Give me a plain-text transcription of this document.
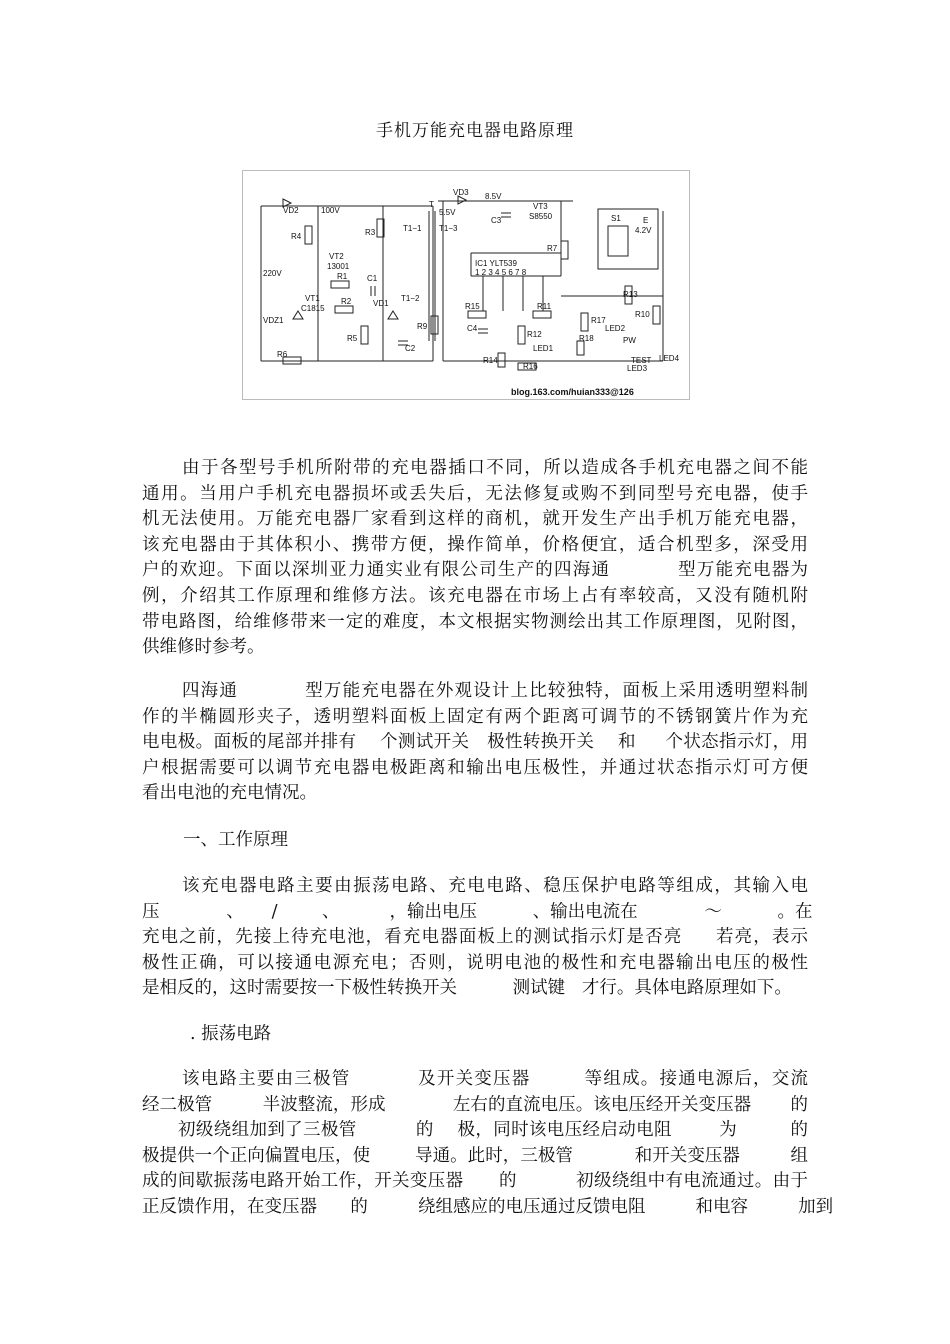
手机万能充电器电路原理
VD2	100V
R4	R3
VT2
13001
220V	R1 C1
VT1
C1815
R2	VD1
VDZ1
R5
C2
R6
T
T1−1 T1−3
T1−2
5.5V
VD3 8.5V
C3
VT3
S8550	S1	E
4.2V
R7
IC1 YLT539
1 2 3 4 5 6 7 8
R9
R15
C4
R11
R12
R17
LED2
R13
R10
LED1
R18	PW
R14
R16
TEST
LED3
LED4
blog.163.com/huian333@126
由于各型号手机所附带的充电器插口不同，所以造成各手机充电器之间不能
通用。当用户手机充电器损坏或丢失后，无法修复或购不到同型号充电器，使手
机无法使用。万能充电器厂家看到这样的商机，就开发生产出手机万能充电器，
该充电器由于其体积小、携带方便，操作简单，价格便宜，适合机型多，深受用
户的欢迎。下面以深圳亚力通实业有限公司生产的四海通          型万能充电器为
例，介绍其工作原理和维修方法。该充电器在市场上占有率较高，又没有随机附
带电路图，给维修带来一定的难度，本文根据实物测绘出其工作原理图，见附图，
供维修时参考。
四海通          型万能充电器在外观设计上比较独特，面板上采用透明塑料制
作的半椭圆形夹子，透明塑料面板上固定有两个距离可调节的不锈钢簧片作为充
电电极。面板的尾部并排有    个测试开关   极性转换开关    和     个状态指示灯，用
户根据需要可以调节充电器电极距离和输出电压极性，并通过状态指示灯可方便
看出电池的充电情况。
一、工作原理
该充电器电路主要由振荡电路、充电电路、稳压保护电路等组成，其输入电
压            、     /        、         ，输出电压          、输出电流在            ～          。在
充电之前，先接上待充电池，看充电器面板上的测试指示灯是否亮     若亮，表示
极性正确，可以接通电源充电；否则，说明电池的极性和充电器输出电压的极性
是相反的，这时需要按一下极性转换开关          测试键   才行。具体电路原理如下。
. 振荡电路
该电路主要由三极管          及开关变压器        等组成。接通电源后，交流
经二极管         半波整流，形成            左右的直流电压。该电压经开关变压器       的
初级绕组加到了三极管          的    极，同时该电压经启动电阻        为         的
极提供一个正向偏置电压，使        导通。此时，三极管           和开关变压器         组
成的间歇振荡电路开始工作，开关变压器      的          初级绕组中有电流通过。由于
正反馈作用，在变压器      的         绕组感应的电压通过反馈电阻         和电容         加到
